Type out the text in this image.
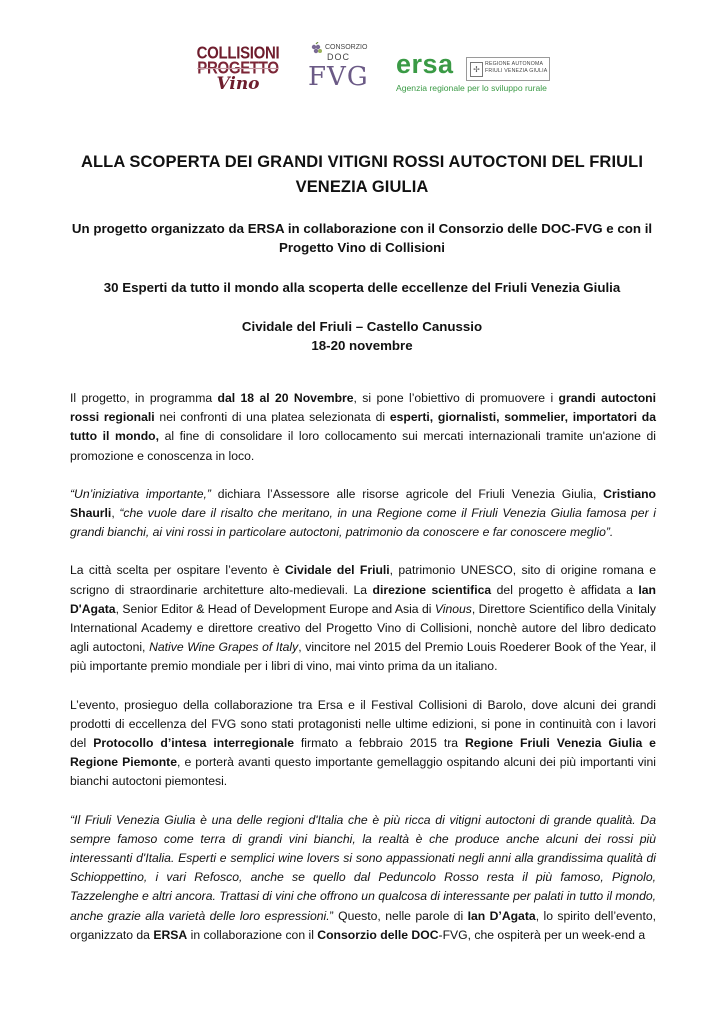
COLLISIONI
PROGETTO
Vino
CONSORZIO
DOC
FVG ersa	✢
REGIONE AUTONOMA FRIULI VENEZIA GIULIA
Agenzia regionale per lo sviluppo rurale
ALLA SCOPERTA DEI GRANDI VITIGNI ROSSI AUTOCTONI DEL FRIULI VENEZIA GIULIA
Un progetto organizzato da ERSA in collaborazione con il Consorzio delle DOC-FVG e con il Progetto Vino di Collisioni
30 Esperti da tutto il mondo alla scoperta delle eccellenze del Friuli Venezia Giulia
Cividale del Friuli – Castello Canussio
18-20 novembre

Il progetto, in programma dal 18 al 20 Novembre, si pone l’obiettivo di promuovere i grandi autoctoni rossi regionali nei confronti di una platea selezionata di esperti, giornalisti, sommelier, importatori da tutto il mondo, al fine di consolidare il loro collocamento sui mercati internazionali tramite un'azione di promozione e conoscenza in loco.

“Un’iniziativa importante,” dichiara l’Assessore alle risorse agricole del Friuli Venezia Giulia, Cristiano Shaurli, “che vuole dare il risalto che meritano, in una Regione come il Friuli Venezia Giulia famosa per i grandi bianchi, ai vini rossi in particolare autoctoni, patrimonio da conoscere e far conoscere meglio”.

La città scelta per ospitare l’evento è Cividale del Friuli, patrimonio UNESCO, sito di origine romana e scrigno di straordinarie architetture alto-medievali. La direzione scientifica del progetto è affidata a Ian D'Agata, Senior Editor & Head of Development Europe and Asia di Vinous, Direttore Scientifico della Vinitaly International Academy e direttore creativo del Progetto Vino di Collisioni, nonchè autore del libro dedicato agli autoctoni, Native Wine Grapes of Italy, vincitore nel 2015 del Premio Louis Roederer Book of the Year, il più importante premio mondiale per i libri di vino, mai vinto prima da un italiano.

L’evento, prosieguo della collaborazione tra Ersa e il Festival Collisioni di Barolo, dove alcuni dei grandi prodotti di eccellenza del FVG sono stati protagonisti nelle ultime edizioni, si pone in continuità con i lavori del Protocollo d’intesa interregionale firmato a febbraio 2015 tra Regione Friuli Venezia Giulia e Regione Piemonte, e porterà avanti questo importante gemellaggio ospitando alcuni dei più importanti vini bianchi autoctoni piemontesi.

“Il Friuli Venezia Giulia è una delle regioni d'Italia che è più ricca di vitigni autoctoni di grande qualità. Da sempre famoso come terra di grandi vini bianchi, la realtà è che produce anche alcuni dei rossi più interessanti d'Italia. Esperti e semplici wine lovers si sono appassionati negli anni alla grandissima qualità di Schioppettino, i vari Refosco, anche se quello dal Peduncolo Rosso resta il più famoso, Pignolo, Tazzelenghe e altri ancora. Trattasi di vini che offrono un qualcosa di interessante per palati in tutto il mondo, anche grazie alla varietà delle loro espressioni.” Questo, nelle parole di Ian D’Agata, lo spirito dell’evento, organizzato da ERSA in collaborazione con il Consorzio delle DOC-FVG, che ospiterà per un week-end a
